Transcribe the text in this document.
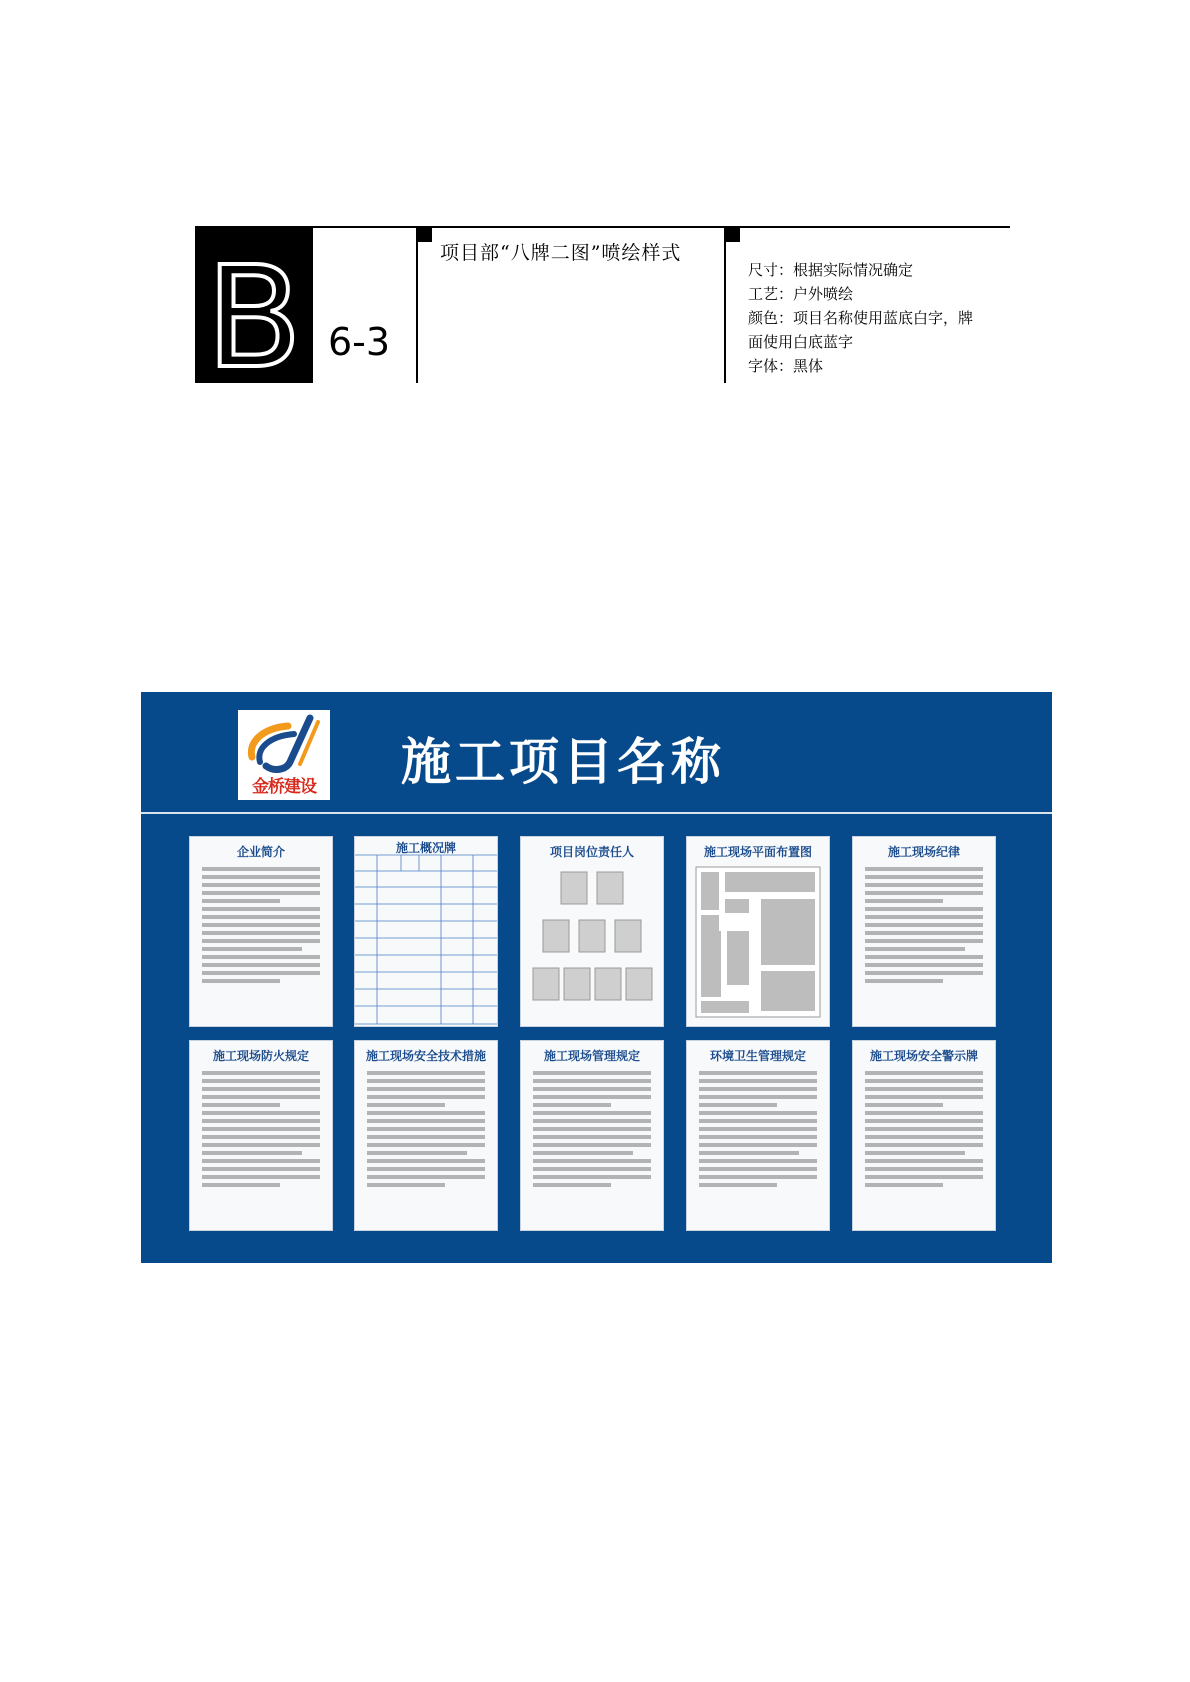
B 6-3
项目部“八牌二图”喷绘样式
尺寸：根据实际情况确定
工艺：户外喷绘
颜色：项目名称使用蓝底白字，牌
面使用白底蓝字
字体：黑体
金桥建设	施工项目名称
企业简介	施工概况牌	项目岗位责任人	施工现场平面布置图	施工现场纪律
施工现场防火规定	施工现场安全技术措施	施工现场管理规定	环境卫生管理规定	施工现场安全警示牌
